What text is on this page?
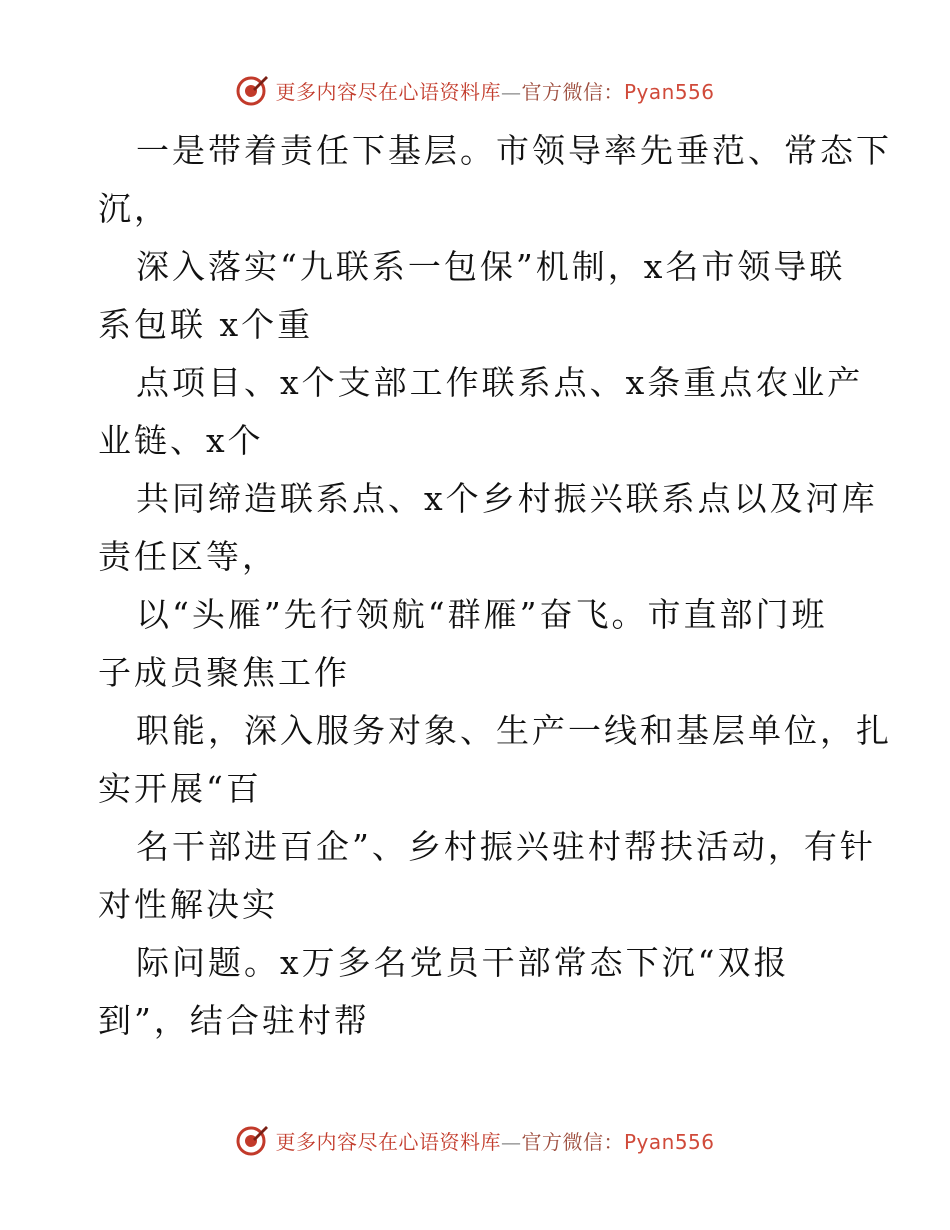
更多内容尽在心语资料库—官方微信：Pyan556
一是带着责任下基层。市领导率先垂范、常态下
沉，
深入落实“九联系一包保”机制，x名市领导联
系包联 x个重
点项目、x个支部工作联系点、x条重点农业产
业链、x个
共同缔造联系点、x个乡村振兴联系点以及河库
责任区等，
以“头雁”先行领航“群雁”奋飞。市直部门班
子成员聚焦工作
职能，深入服务对象、生产一线和基层单位，扎
实开展“百
名干部进百企”、乡村振兴驻村帮扶活动，有针
对性解决实
际问题。x万多名党员干部常态下沉“双报
到”，结合驻村帮
更多内容尽在心语资料库—官方微信：Pyan556
